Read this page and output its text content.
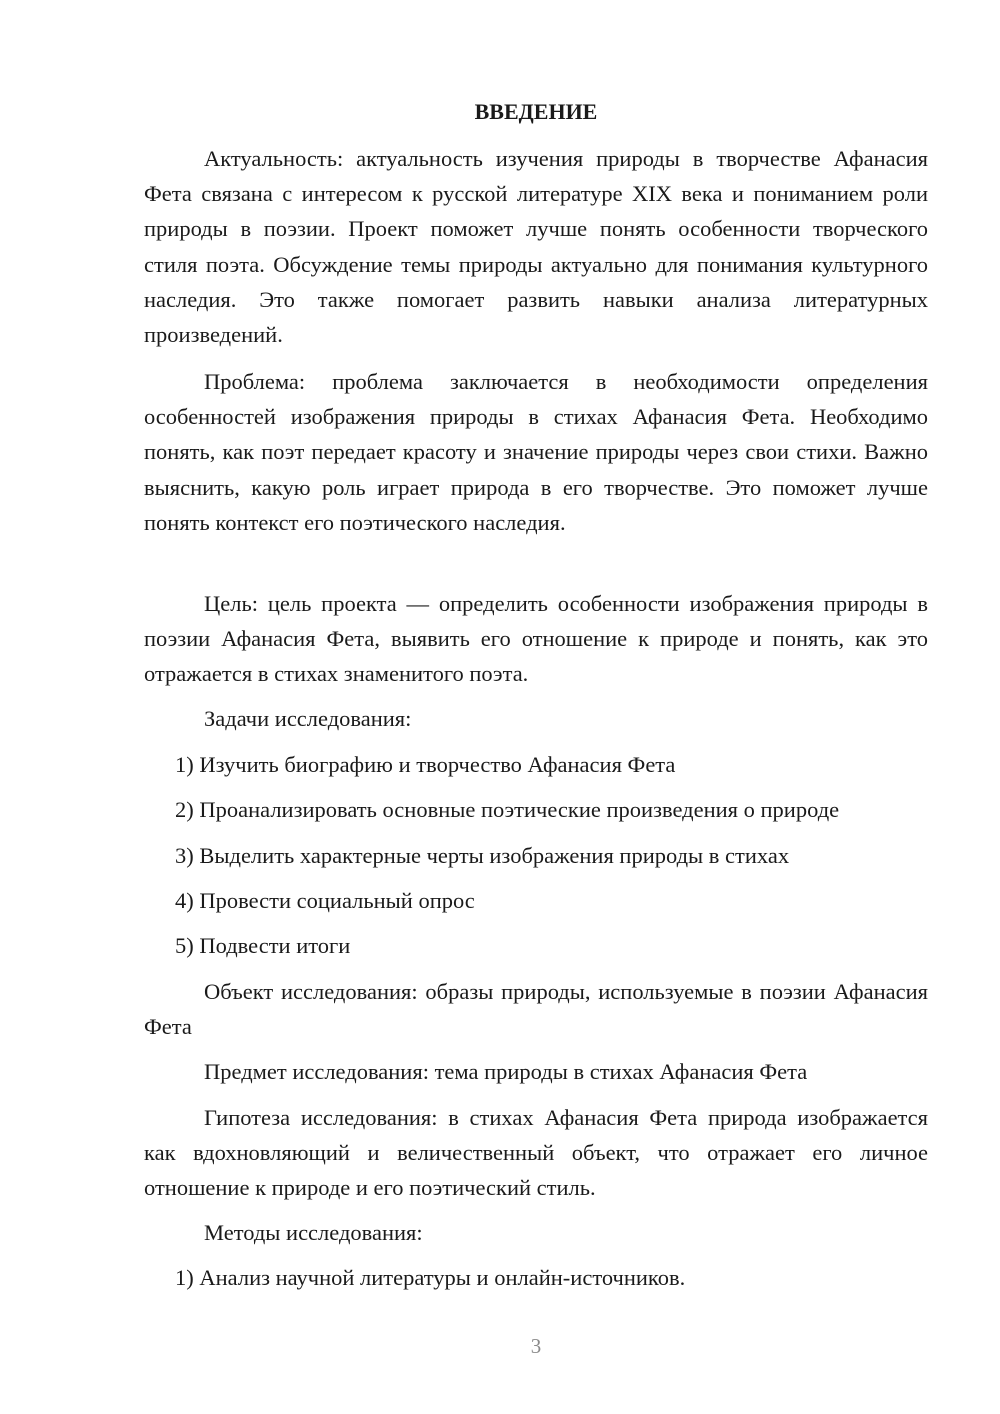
ВВЕДЕНИЕ

Актуальность: актуальность изучения природы в творчестве Афанасия Фета связана с интересом к русской литературе XIX века и пониманием роли природы в поэзии. Проект поможет лучше понять особенности творческого стиля поэта. Обсуждение темы природы актуально для понимания культурного наследия. Это также помогает развить навыки анализа литературных произведений.

Проблема: проблема заключается в необходимости определения особенностей изображения природы в стихах Афанасия Фета. Необходимо понять, как поэт передает красоту и значение природы через свои стихи. Важно выяснить, какую роль играет природа в его творчестве. Это поможет лучше понять контекст его поэтического наследия.

Цель: цель проекта — определить особенности изображения природы в поэзии Афанасия Фета, выявить его отношение к природе и понять, как это отражается в стихах знаменитого поэта.

Задачи исследования:

1) Изучить биографию и творчество Афанасия Фета

2) Проанализировать основные поэтические произведения о природе

3) Выделить характерные черты изображения природы в стихах

4) Провести социальный опрос

5) Подвести итоги

Объект исследования: образы природы, используемые в поэзии Афанасия Фета

Предмет исследования: тема природы в стихах Афанасия Фета

Гипотеза исследования: в стихах Афанасия Фета природа изображается как вдохновляющий и величественный объект, что отражает его личное отношение к природе и его поэтический стиль.

Методы исследования:

1) Анализ научной литературы и онлайн-источников.

3
